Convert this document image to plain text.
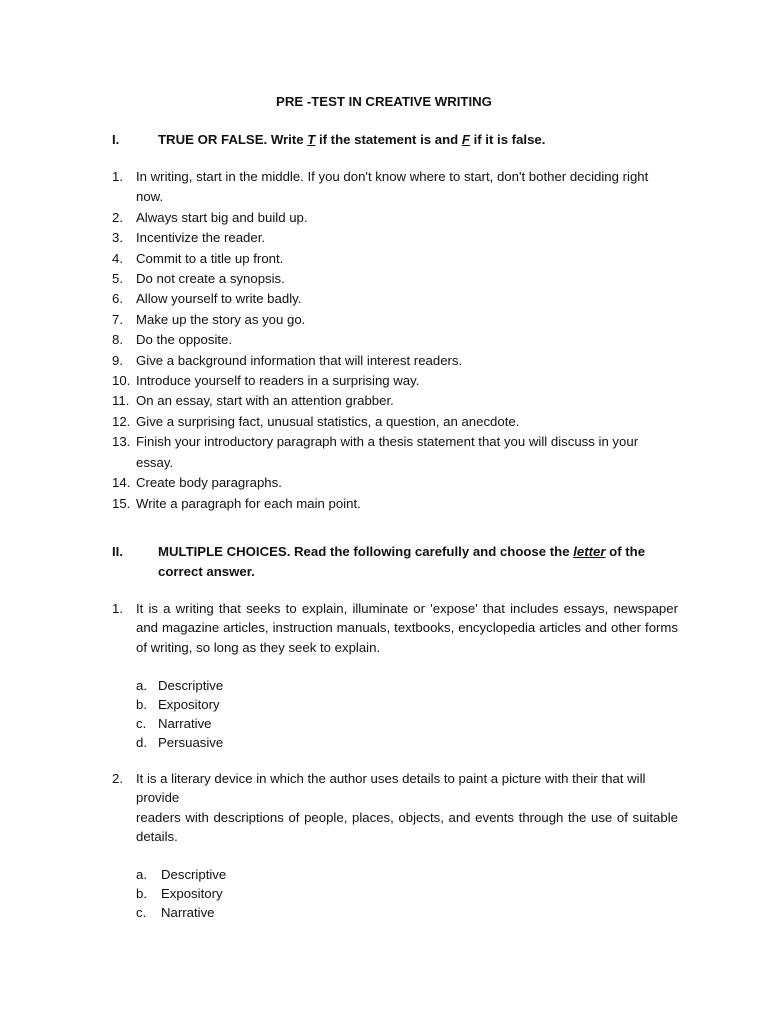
PRE -TEST IN CREATIVE WRITING
I.	TRUE OR FALSE. Write T if the statement is and F if it is false.
1. In writing, start in the middle. If you don't know where to start, don't bother deciding right now.
2. Always start big and build up.
3. Incentivize the reader.
4. Commit to a title up front.
5. Do not create a synopsis.
6. Allow yourself to write badly.
7. Make up the story as you go.
8. Do the opposite.
9. Give a background information that will interest readers.
10. Introduce yourself to readers in a surprising way.
11. On an essay, start with an attention grabber.
12. Give a surprising fact, unusual statistics, a question, an anecdote.
13. Finish your introductory paragraph with a thesis statement that you will discuss in your essay.
14. Create body paragraphs.
15. Write a paragraph for each main point.
II.	MULTIPLE CHOICES. Read the following carefully and choose the letter of the correct answer.
1. It is a writing that seeks to explain, illuminate or 'expose' that includes essays, newspaper and magazine articles, instruction manuals, textbooks, encyclopedia articles and other forms of writing, so long as they seek to explain.
a. Descriptive
b. Expository
c. Narrative
d. Persuasive
2. It is a literary device in which the author uses details to paint a picture with their that will provide
readers with descriptions of people, places, objects, and events through the use of suitable details.
a. Descriptive
b. Expository
c. Narrative
